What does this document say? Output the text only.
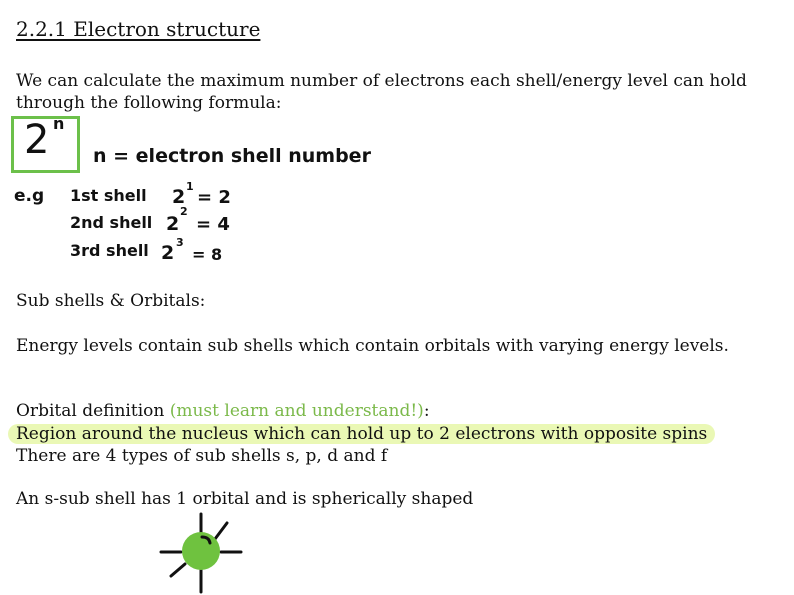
2.2.1 Electron structure
We can calculate the maximum number of electrons each shell/energy level can hold
through the following formula:
2 n
n = electron shell number
e.g 1st shell 2 1
= 2
2nd shell 2
2
= 4
3rd shell 2 3
= 8
Sub shells & Orbitals:
Energy levels contain sub shells which contain orbitals with varying energy levels.
Orbital definition (must learn and understand!):
Region around the nucleus which can hold up to 2 electrons with opposite spins
There are 4 types of sub shells s, p, d and f
An s-sub shell has 1 orbital and is spherically shaped
